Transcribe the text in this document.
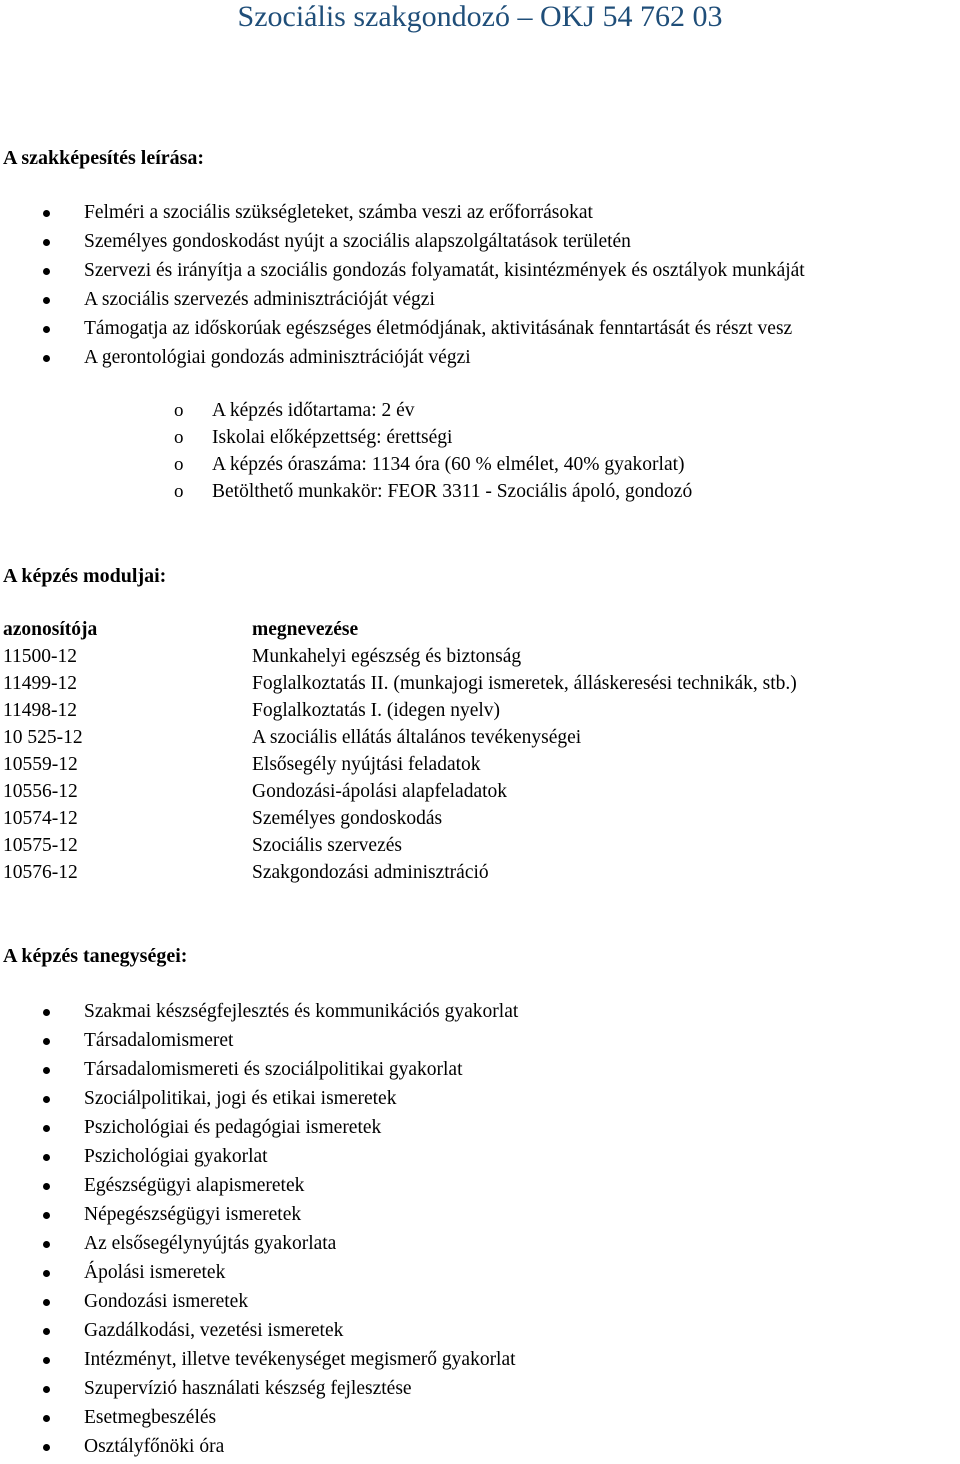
Szociális szakgondozó – OKJ 54 762 03
A szakképesítés leírása:
Felméri a szociális szükségleteket, számba veszi az erőforrásokat
Személyes gondoskodást nyújt a szociális alapszolgáltatások területén
Szervezi és irányítja a szociális gondozás folyamatát, kisintézmények és osztályok munkáját
A szociális szervezés adminisztrációját végzi
Támogatja az időskorúak egészséges életmódjának, aktivitásának fenntartását és részt vesz
A gerontológiai gondozás adminisztrációját végzi
o A képzés időtartama: 2 év
o Iskolai előképzettség: érettségi
o A képzés óraszáma: 1134 óra (60 % elmélet, 40% gyakorlat)
o Betölthető munkakör: FEOR 3311 - Szociális ápoló, gondozó
A képzés moduljai:
azonosítója	megnevezése
11500-12	Munkahelyi egészség és biztonság
11499-12	Foglalkoztatás II. (munkajogi ismeretek, álláskeresési technikák, stb.)
11498-12	Foglalkoztatás I. (idegen nyelv)
10 525-12	A szociális ellátás általános tevékenységei
10559-12	Elsősegély nyújtási feladatok
10556-12	Gondozási-ápolási alapfeladatok
10574-12	Személyes gondoskodás
10575-12	Szociális szervezés
10576-12	Szakgondozási adminisztráció
A képzés tanegységei:
Szakmai készségfejlesztés és kommunikációs gyakorlat
Társadalomismeret
Társadalomismereti és szociálpolitikai gyakorlat
Szociálpolitikai, jogi és etikai ismeretek
Pszichológiai és pedagógiai ismeretek
Pszichológiai gyakorlat
Egészségügyi alapismeretek
Népegészségügyi ismeretek
Az elsősegélynyújtás gyakorlata
Ápolási ismeretek
Gondozási ismeretek
Gazdálkodási, vezetési ismeretek
Intézményt, illetve tevékenységet megismerő gyakorlat
Szupervízió használati készség fejlesztése
Esetmegbeszélés
Osztályfőnöki óra
